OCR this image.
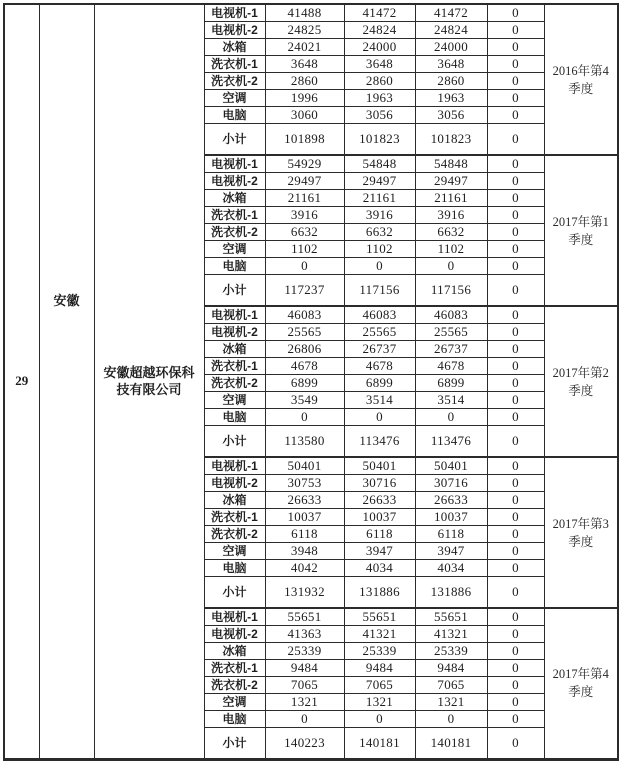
29	安徽	安徽超越环保科技有限公司	电视机-1	41488	41472	41472	0	2016年第4季度
			电视机-2	24825	24824	24824	0	
			冰箱	24021	24000	24000	0	
			洗衣机-1	3648	3648	3648	0	
			洗衣机-2	2860	2860	2860	0	
			空调	1996	1963	1963	0	
			电脑	3060	3056	3056	0	
			小计	101898	101823	101823	0	
			电视机-1	54929	54848	54848	0	2017年第1季度
			电视机-2	29497	29497	29497	0	
			冰箱	21161	21161	21161	0	
			洗衣机-1	3916	3916	3916	0	
			洗衣机-2	6632	6632	6632	0	
			空调	1102	1102	1102	0	
			电脑	0	0	0	0	
			小计	117237	117156	117156	0	
			电视机-1	46083	46083	46083	0	2017年第2季度
			电视机-2	25565	25565	25565	0	
			冰箱	26806	26737	26737	0	
			洗衣机-1	4678	4678	4678	0	
			洗衣机-2	6899	6899	6899	0	
			空调	3549	3514	3514	0	
			电脑	0	0	0	0	
			小计	113580	113476	113476	0	
			电视机-1	50401	50401	50401	0	2017年第3季度
			电视机-2	30753	30716	30716	0	
			冰箱	26633	26633	26633	0	
			洗衣机-1	10037	10037	10037	0	
			洗衣机-2	6118	6118	6118	0	
			空调	3948	3947	3947	0	
			电脑	4042	4034	4034	0	
			小计	131932	131886	131886	0	
			电视机-1	55651	55651	55651	0	2017年第4季度
			电视机-2	41363	41321	41321	0	
			冰箱	25339	25339	25339	0	
			洗衣机-1	9484	9484	9484	0	
			洗衣机-2	7065	7065	7065	0	
			空调	1321	1321	1321	0	
			电脑	0	0	0	0	
			小计	140223	140181	140181	0	
